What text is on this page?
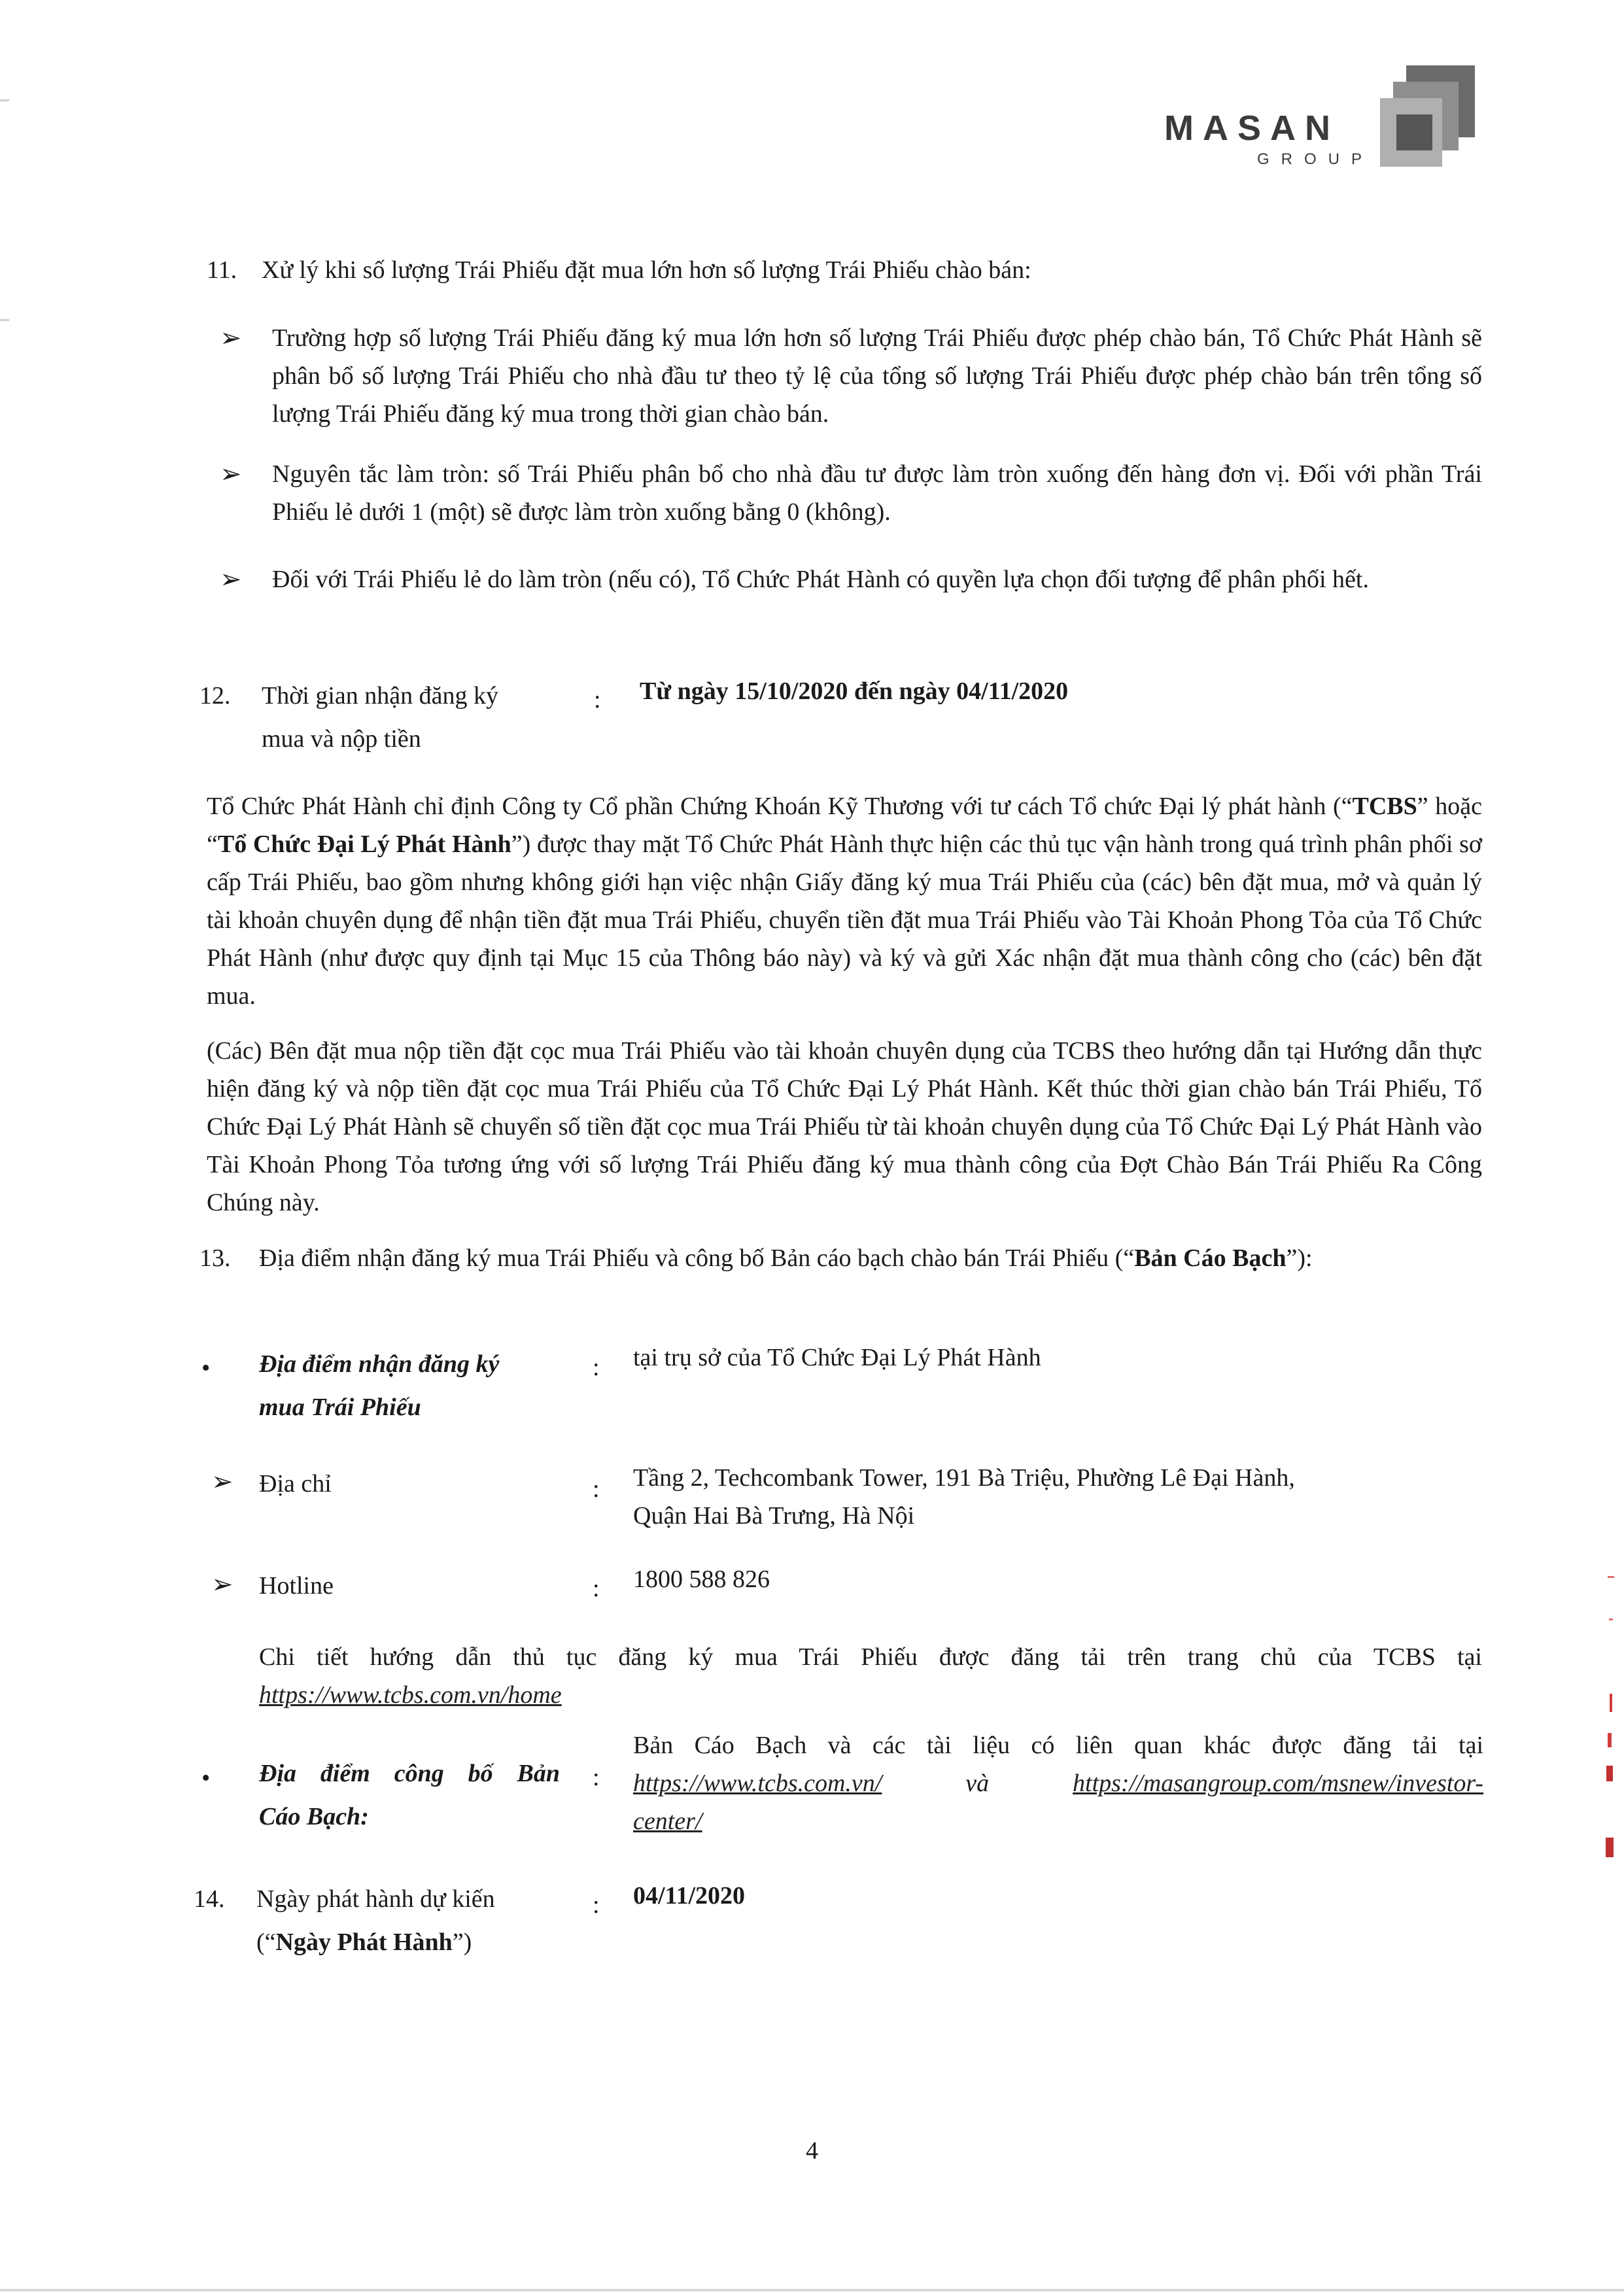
MASAN
GROUP
11. Xử lý khi số lượng Trái Phiếu đặt mua lớn hơn số lượng Trái Phiếu chào bán:
➢ Trường hợp số lượng Trái Phiếu đăng ký mua lớn hơn số lượng Trái Phiếu được phép chào bán, Tổ Chức Phát Hành sẽ phân bổ số lượng Trái Phiếu cho nhà đầu tư theo tỷ lệ của tổng số lượng Trái Phiếu được phép chào bán trên tổng số lượng Trái Phiếu đăng ký mua trong thời gian chào bán.
➢ Nguyên tắc làm tròn: số Trái Phiếu phân bổ cho nhà đầu tư được làm tròn xuống đến hàng đơn vị. Đối với phần Trái Phiếu lẻ dưới 1 (một) sẽ được làm tròn xuống bằng 0 (không).
➢ Đối với Trái Phiếu lẻ do làm tròn (nếu có), Tổ Chức Phát Hành có quyền lựa chọn đối tượng để phân phối hết.
12. Thời gian nhận đăng ký
mua và nộp tiền
: Từ ngày 15/10/2020 đến ngày 04/11/2020
Tổ Chức Phát Hành chỉ định Công ty Cổ phần Chứng Khoán Kỹ Thương với tư cách Tổ chức Đại lý phát hành (“TCBS” hoặc “Tổ Chức Đại Lý Phát Hành”) được thay mặt Tổ Chức Phát Hành thực hiện các thủ tục vận hành trong quá trình phân phối sơ cấp Trái Phiếu, bao gồm nhưng không giới hạn việc nhận Giấy đăng ký mua Trái Phiếu của (các) bên đặt mua, mở và quản lý tài khoản chuyên dụng để nhận tiền đặt mua Trái Phiếu, chuyển tiền đặt mua Trái Phiếu vào Tài Khoản Phong Tỏa của Tổ Chức Phát Hành (như được quy định tại Mục 15 của Thông báo này) và ký và gửi Xác nhận đặt mua thành công cho (các) bên đặt mua.
(Các) Bên đặt mua nộp tiền đặt cọc mua Trái Phiếu vào tài khoản chuyên dụng của TCBS theo hướng dẫn tại Hướng dẫn thực hiện đăng ký và nộp tiền đặt cọc mua Trái Phiếu của Tổ Chức Đại Lý Phát Hành. Kết thúc thời gian chào bán Trái Phiếu, Tổ Chức Đại Lý Phát Hành sẽ chuyển số tiền đặt cọc mua Trái Phiếu từ tài khoản chuyên dụng của Tổ Chức Đại Lý Phát Hành vào Tài Khoản Phong Tỏa tương ứng với số lượng Trái Phiếu đăng ký mua thành công của Đợt Chào Bán Trái Phiếu Ra Công Chúng này.
13. Địa điểm nhận đăng ký mua Trái Phiếu và công bố Bản cáo bạch chào bán Trái Phiếu (“Bản Cáo Bạch”):
• Địa điểm nhận đăng ký
mua Trái Phiếu
: tại trụ sở của Tổ Chức Đại Lý Phát Hành
➢ Địa chỉ	: Tầng 2, Techcombank Tower, 191 Bà Triệu, Phường Lê Đại Hành,
Quận Hai Bà Trưng, Hà Nội
➢ Hotline	: 1800 588 826
Chi tiết hướng dẫn thủ tục đăng ký mua Trái Phiếu được đăng tải trên trang chủ của TCBS tại
https://www.tcbs.com.vn/home
• Địa điểm công bố Bản
Cáo Bạch:
:
Bản Cáo Bạch và các tài liệu có liên quan khác được đăng tải tại
https://www.tcbs.com.vn/	và	https://masangroup.com/msnew/investor-
center/
14. Ngày phát hành dự kiến
(“Ngày Phát Hành”)
: 04/11/2020
4
